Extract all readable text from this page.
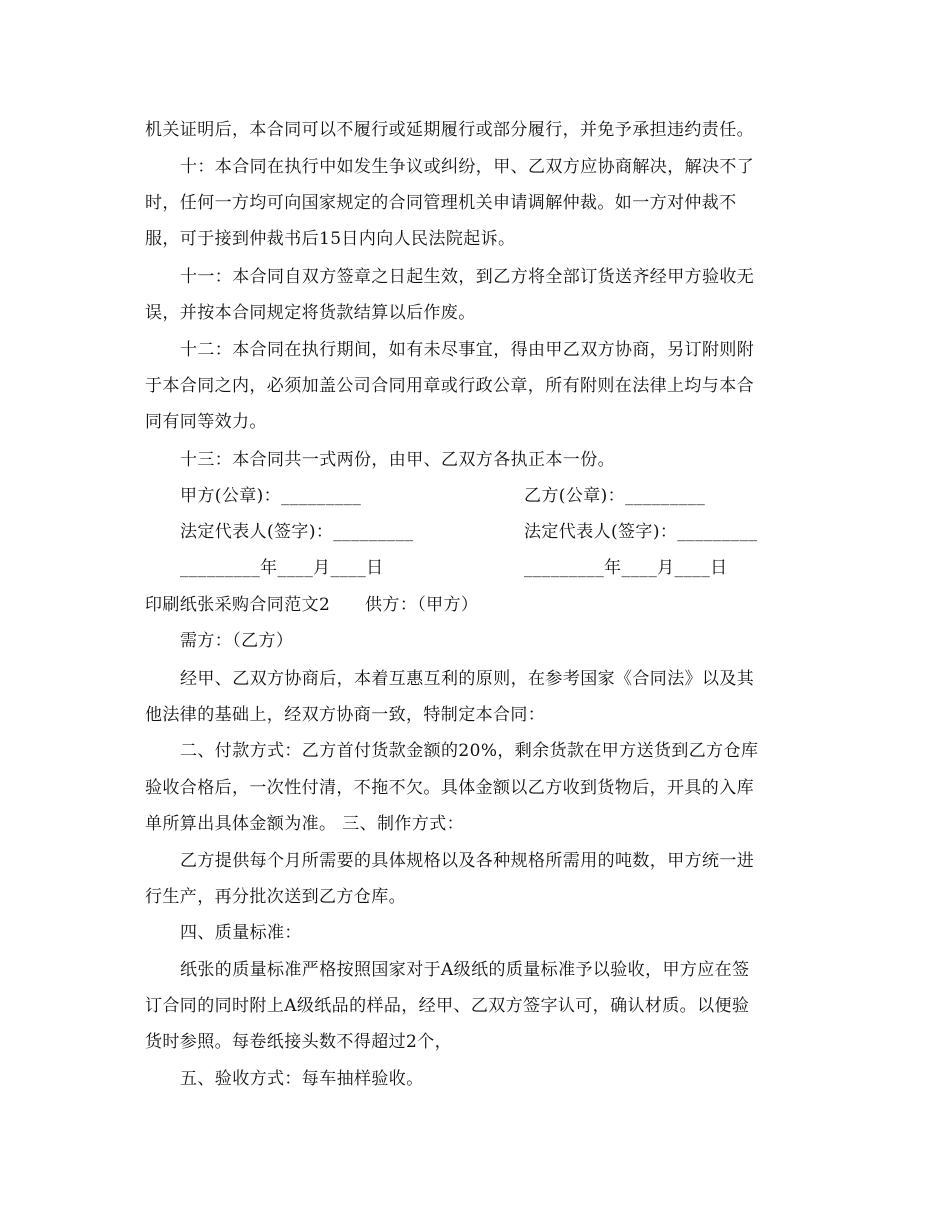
机关证明后，本合同可以不履行或延期履行或部分履行，并免予承担违约责任。
十：本合同在执行中如发生争议或纠纷，甲、乙双方应协商解决，解决不了
时，任何一方均可向国家规定的合同管理机关申请调解仲裁。如一方对仲裁不
服，可于接到仲裁书后15日内向人民法院起诉。
十一：本合同自双方签章之日起生效，到乙方将全部订货送齐经甲方验收无
误，并按本合同规定将货款结算以后作废。
十二：本合同在执行期间，如有未尽事宜，得由甲乙双方协商，另订附则附
于本合同之内，必须加盖公司合同用章或行政公章，所有附则在法律上均与本合
同有同等效力。
十三：本合同共一式两份，由甲、乙双方各执正本一份。
甲方(公章)：_________	乙方(公章)：_________
法定代表人(签字)：_________	法定代表人(签字)：_________
_________年____月____日	_________年____月____日
印刷纸张采购合同范文2　　供方：（甲方）
需方：（乙方）
经甲、乙双方协商后，本着互惠互利的原则，在参考国家《合同法》以及其
他法律的基础上，经双方协商一致，特制定本合同：
二、付款方式：乙方首付货款金额的20%，剩余货款在甲方送货到乙方仓库
验收合格后，一次性付清，不拖不欠。具体金额以乙方收到货物后，开具的入库
单所算出具体金额为准。 三、制作方式：
乙方提供每个月所需要的具体规格以及各种规格所需用的吨数，甲方统一进
行生产，再分批次送到乙方仓库。
四、质量标准：
纸张的质量标准严格按照国家对于A级纸的质量标准予以验收，甲方应在签
订合同的同时附上A级纸品的样品，经甲、乙双方签字认可，确认材质。以便验
货时参照。每卷纸接头数不得超过2个，
五、验收方式：每车抽样验收。
